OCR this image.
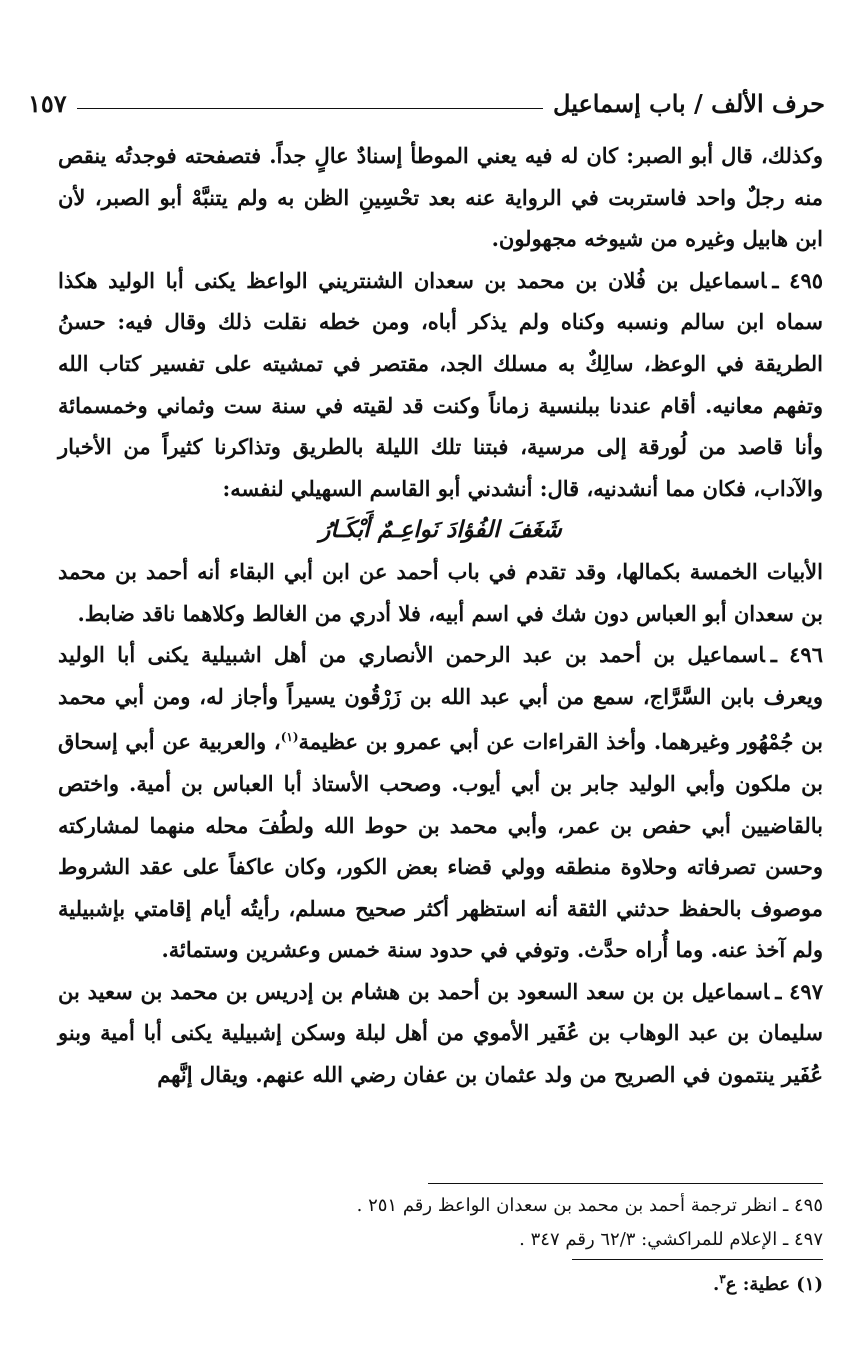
حرف الألف / باب إسماعيل
١٥٧

وكذلك، قال أبو الصبر: كان له فيه يعني الموطأ إسنادٌ عالٍ جداً. فتصفحته فوجدتُه ينقص منه رجلٌ واحد فاستربت في الرواية عنه بعد تحْسِينِ الظن به ولم يتنبَّهْ أبو الصبر، لأن ابن هابيل وغيره من شيوخه مجهولون.

٤٩٥ ـاسماعيل بن فُلان بن محمد بن سعدان الشنتريني الواعظ يكنى أبا الوليد هكذا سماه ابن سالم ونسبه وكناه ولم يذكر أباه، ومن خطه نقلت ذلك وقال فيه: حسنُ الطريقة في الوعظ، سالِكٌ به مسلك الجد، مقتصر في تمشيته على تفسير كتاب الله وتفهم معانيه. أقام عندنا ببلنسية زماناً وكنت قد لقيته في سنة ست وثماني وخمسمائة وأنا قاصد من لُورقة إلى مرسية، فبتنا تلك الليلة بالطريق وتذاكرنا كثيراً من الأخبار والآداب، فكان مما أنشدنيه، قال: أنشدني أبو القاسم السهيلي لنفسه:

شَغَفَ الفُؤادَ نَواعِـمٌ أَبْكَـارُ

الأبيات الخمسة بكمالها، وقد تقدم في باب أحمد عن ابن أبي البقاء أنه أحمد بن محمد بن سعدان أبو العباس دون شك في اسم أبيه، فلا أدري من الغالط وكلاهما ناقد ضابط.

٤٩٦ ـاسماعيل بن أحمد بن عبد الرحمن الأنصاري من أهل اشبيلية يكنى أبا الوليد ويعرف بابن السَّرَّاج، سمع من أبي عبد الله بن زَرْقُون يسيراً وأجاز له، ومن أبي محمد بن جُمْهُور وغيرهما. وأخذ القراءات عن أبي عمرو بن عظيمة$^{(١)}$، والعربية عن أبي إسحاق بن ملكون وأبي الوليد جابر بن أبي أيوب. وصحب الأستاذ أبا العباس بن أمية. واختص بالقاضيين أبي حفص بن عمر، وأبي محمد بن حوط الله ولطُفَ محله منهما لمشاركته وحسن تصرفاته وحلاوة منطقه وولي قضاء بعض الكور، وكان عاكفاً على عقد الشروط موصوف بالحفظ حدثني الثقة أنه استظهر أكثر صحيح مسلم، رأيتُه أيام إقامتي بإشبيلية ولم آخذ عنه. وما أُراه حدَّث. وتوفي في حدود سنة خمس وعشرين وستمائة.

٤٩٧ ـاسماعيل بن بن سعد السعود بن أحمد بن هشام بن إدريس بن محمد بن سعيد بن سليمان بن عبد الوهاب بن عُفَير الأموي من أهل لبلة وسكن إشبيلية يكنى أبا أمية وبنو عُفَير ينتمون في الصريح من ولد عثمان بن عفان رضي الله عنهم. ويقال إنَّهم

٤٩٥ ـ انظر ترجمة أحمد بن محمد بن سعدان الواعظ رقم ٢٥١ .

٤٩٧ ـ الإعلام للمراكشي: ٦٢/٣ رقم ٣٤٧ .

(١) عطية: ع$^٣$.
